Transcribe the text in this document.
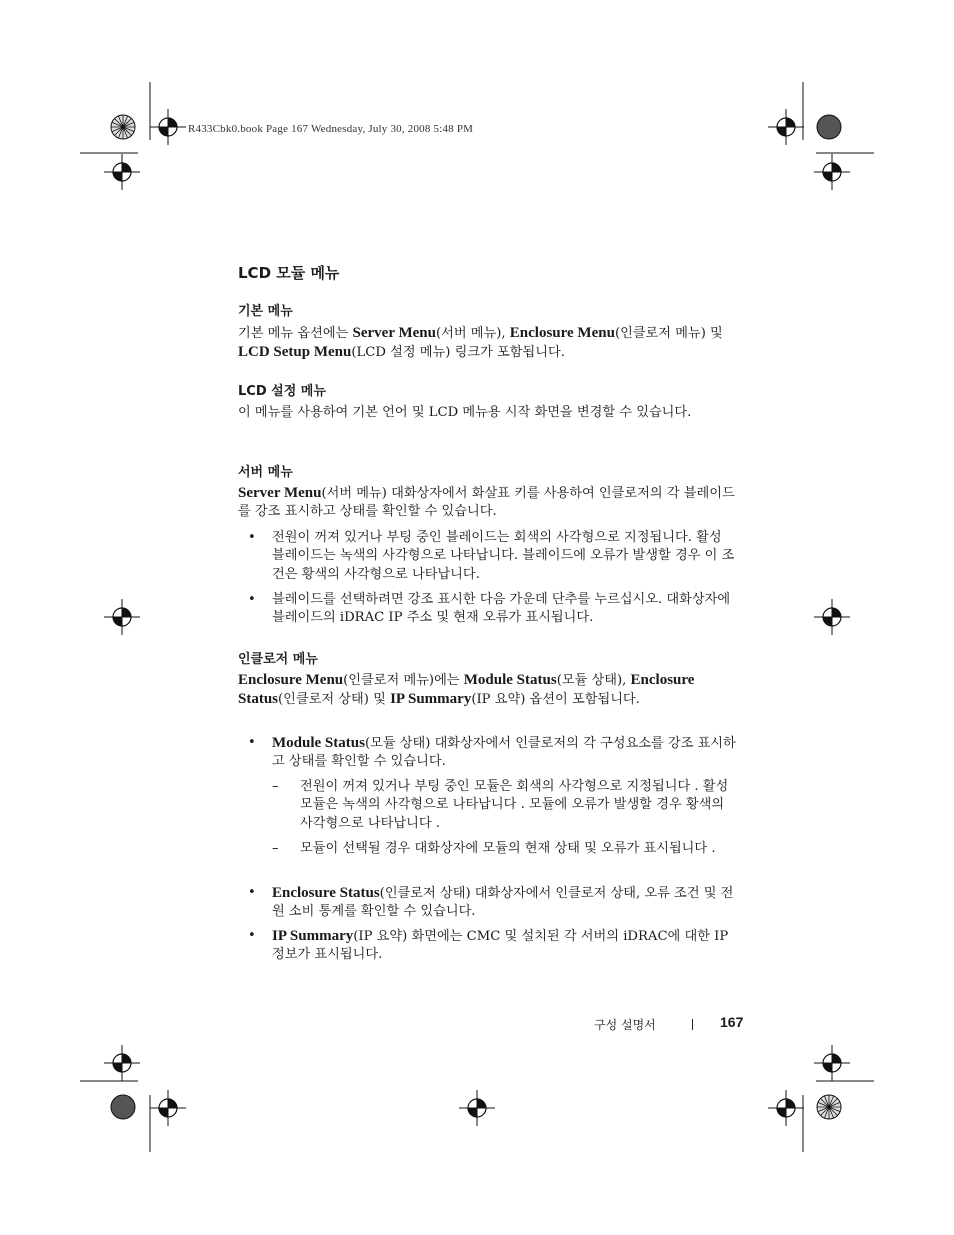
R433Cbk0.book Page 167 Wednesday, July 30, 2008 5:48 PM
LCD 모듈 메뉴
기본 메뉴

기본 메뉴 옵션에는 Server Menu(서버 메뉴), Enclosure Menu(인클로저 메뉴) 및 LCD Setup Menu(LCD 설정 메뉴) 링크가 포함됩니다.

LCD 설정 메뉴

이 메뉴를 사용하여 기본 언어 및 LCD 메뉴용 시작 화면을 변경할 수 있습니다.

서버 메뉴

Server Menu(서버 메뉴) 대화상자에서 화살표 키를 사용하여 인클로저의 각 블레이드를 강조 표시하고 상태를 확인할 수 있습니다.

• 전원이 꺼져 있거나 부팅 중인 블레이드는 회색의 사각형으로 지정됩니다. 활성 블레이드는 녹색의 사각형으로 나타납니다. 블레이드에 오류가 발생할 경우 이 조건은 황색의 사각형으로 나타납니다.
• 블레이드를 선택하려면 강조 표시한 다음 가운데 단추를 누르십시오. 대화상자에 블레이드의 iDRAC IP 주소 및 현재 오류가 표시됩니다.
인클로저 메뉴

Enclosure Menu(인클로저 메뉴)에는 Module Status(모듈 상태), Enclosure Status(인클로저 상태) 및 IP Summary(IP 요약) 옵션이 포함됩니다.

• Module Status(모듈 상태) 대화상자에서 인클로저의 각 구성요소를 강조 표시하고 상태를 확인할 수 있습니다.
– 전원이 꺼져 있거나 부팅 중인 모듈은 회색의 사각형으로 지정됩니다 . 활성 모듈은 녹색의 사각형으로 나타납니다 . 모듈에 오류가 발생할 경우 황색의 사각형으로 나타납니다 .
– 모듈이 선택될 경우 대화상자에 모듈의 현재 상태 및 오류가 표시됩니다 .
• Enclosure Status(인클로저 상태) 대화상자에서 인클로저 상태, 오류 조건 및 전원 소비 통계를 확인할 수 있습니다.
• IP Summary(IP 요약) 화면에는 CMC 및 설치된 각 서버의 iDRAC에 대한 IP 정보가 표시됩니다.
구성 설명서	167
